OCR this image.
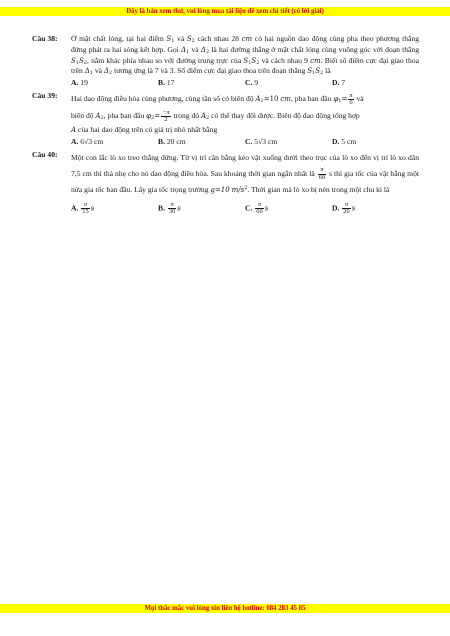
Đây là bản xem thử, vui lòng mua tài liệu để xem chi tiết (có lời giải)
Câu 38: Ở mặt chất lỏng, tại hai điểm $S_1$ và $S_2$ cách nhau 28 cm có hai nguồn dao động cùng pha theo phương thẳng đứng phát ra hai sóng kết hợp. Gọi $\Delta_1$ và $\Delta_2$ là hai đường thẳng ở mặt chất lỏng cùng vuông góc với đoạn thẳng $S_1S_2$, nằm khác phía nhau so với đường trung trực của $S_1S_2$ và cách nhau 9 cm. Biết số điểm cực đại giao thoa trên $\Delta_1$ và $\Delta_2$ tương ứng là 7 và 3. Số điểm cực đại giao thoa trên đoạn thẳng $S_1S_2$ là

A. 19	B. 17	C. 9	D. 7
Câu 39: Hai dao động điều hòa cùng phương, cùng tần số có biên độ $A_1=10$ cm, pha ban đầu $\varphi_1= \frac{\pi}{6}$ và

biên độ $A_2$, pha ban đầu $\varphi_2= \frac{-\pi}{2}$ trong đó $A_2$ có thể thay đổi được. Biên độ dao động tổng hợp

A của hai dao động trên có giá trị nhỏ nhất bằng

A. 6√3 cm	B. 20 cm	C. 5√3 cm	D. 5 cm
Câu 40: Một con lắc lò xo treo thẳng đứng. Từ vị trí cân bằng kéo vật xuống dưới theo trục của lò xo đến vị trí lò xo dãn 7,5 cm thì thả nhẹ cho nó dao động điều hòa. Sau khoảng thời gian ngắn nhất là $\frac{\pi}{60}$ s thì gia tốc của vật bằng một nửa gia tốc ban đầu. Lấy gia tốc trọng trường g=10 $m/s^2$. Thời gian mà lò xo bị nén trong một chu kì là

A. $\frac{\pi}{15}$ s	B. $\frac{\pi}{30}$ s	C. $\frac{\pi}{60}$ s	D. $\frac{\pi}{20}$ s
Mọi thắc mắc vui lòng xin liên hệ hotline: 084 283 45 85
